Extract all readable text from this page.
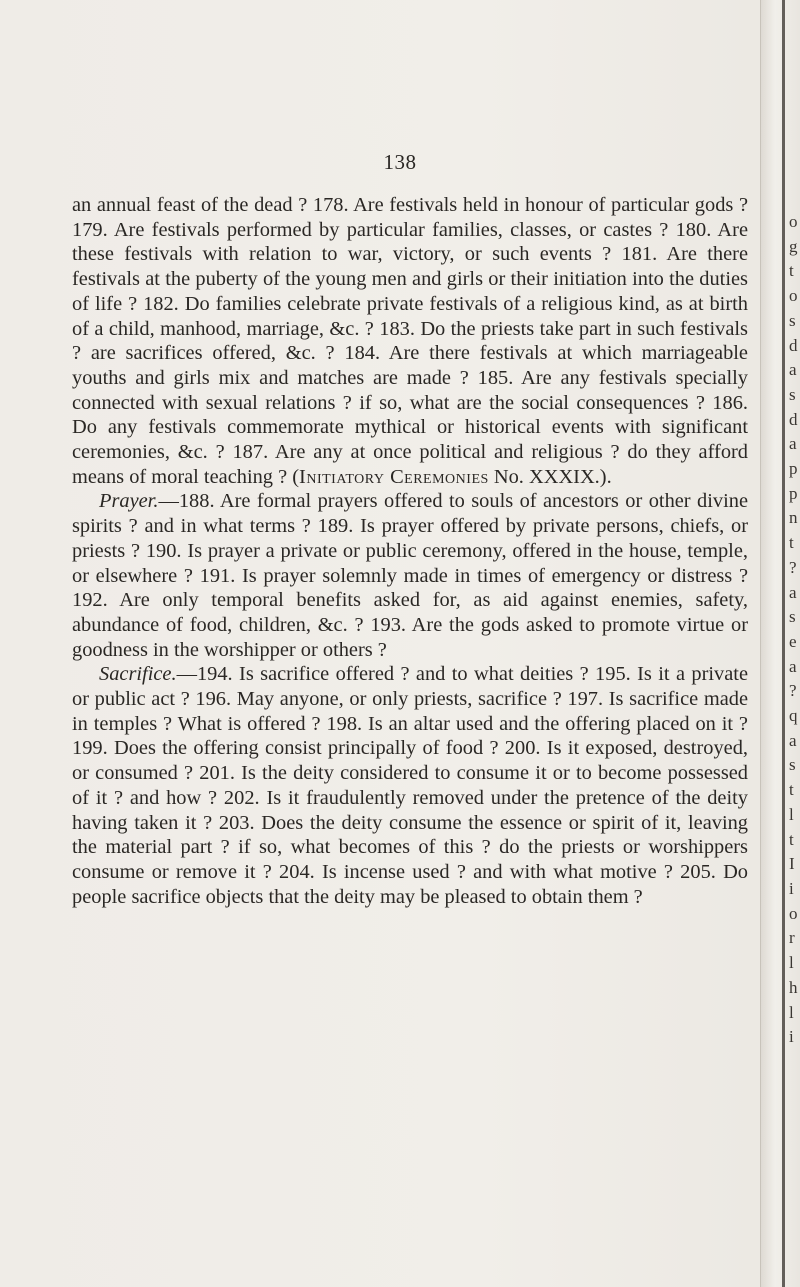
138

an annual feast of the dead ? 178. Are festivals held in honour of particular gods ? 179. Are festivals performed by particular families, classes, or castes ? 180. Are these festivals with relation to war, victory, or such events ? 181. Are there festivals at the puberty of the young men and girls or their initiation into the duties of life ? 182. Do families celebrate private festivals of a religious kind, as at birth of a child, manhood, marriage, &c. ? 183. Do the priests take part in such festivals ? are sacrifices offered, &c. ? 184. Are there festivals at which marriageable youths and girls mix and matches are made ? 185. Are any festivals specially connected with sexual relations ? if so, what are the social consequences ? 186. Do any festivals commemorate mythical or historical events with significant ceremonies, &c. ? 187. Are any at once political and religious ? do they afford means of moral teaching ? (Initiatory Ceremonies No. XXXIX.).

Prayer.—188. Are formal prayers offered to souls of ancestors or other divine spirits ? and in what terms ? 189. Is prayer offered by private persons, chiefs, or priests ? 190. Is prayer a private or public ceremony, offered in the house, temple, or elsewhere ? 191. Is prayer solemnly made in times of emergency or distress ? 192. Are only temporal benefits asked for, as aid against enemies, safety, abundance of food, children, &c. ? 193. Are the gods asked to promote virtue or goodness in the worshipper or others ?

Sacrifice.—194. Is sacrifice offered ? and to what deities ? 195. Is it a private or public act ? 196. May anyone, or only priests, sacrifice ? 197. Is sacrifice made in temples ? What is offered ? 198. Is an altar used and the offering placed on it ? 199. Does the offering consist principally of food ? 200. Is it exposed, destroyed, or consumed ? 201. Is the deity considered to consume it or to become possessed of it ? and how ? 202. Is it fraudulently removed under the pretence of the deity having taken it ? 203. Does the deity consume the essence or spirit of it, leaving the material part ? if so, what becomes of this ? do the priests or worshippers consume or remove it ? 204. Is incense used ? and with what motive ? 205. Do people sacrifice objects that the deity may be pleased to obtain them ?

o
g
t
o
s
d
a
s
d
a
p
p
n
t
?
a
s
e
a
?
q
a
s
t
l
t
I
i
o
r
l
h
l
i
